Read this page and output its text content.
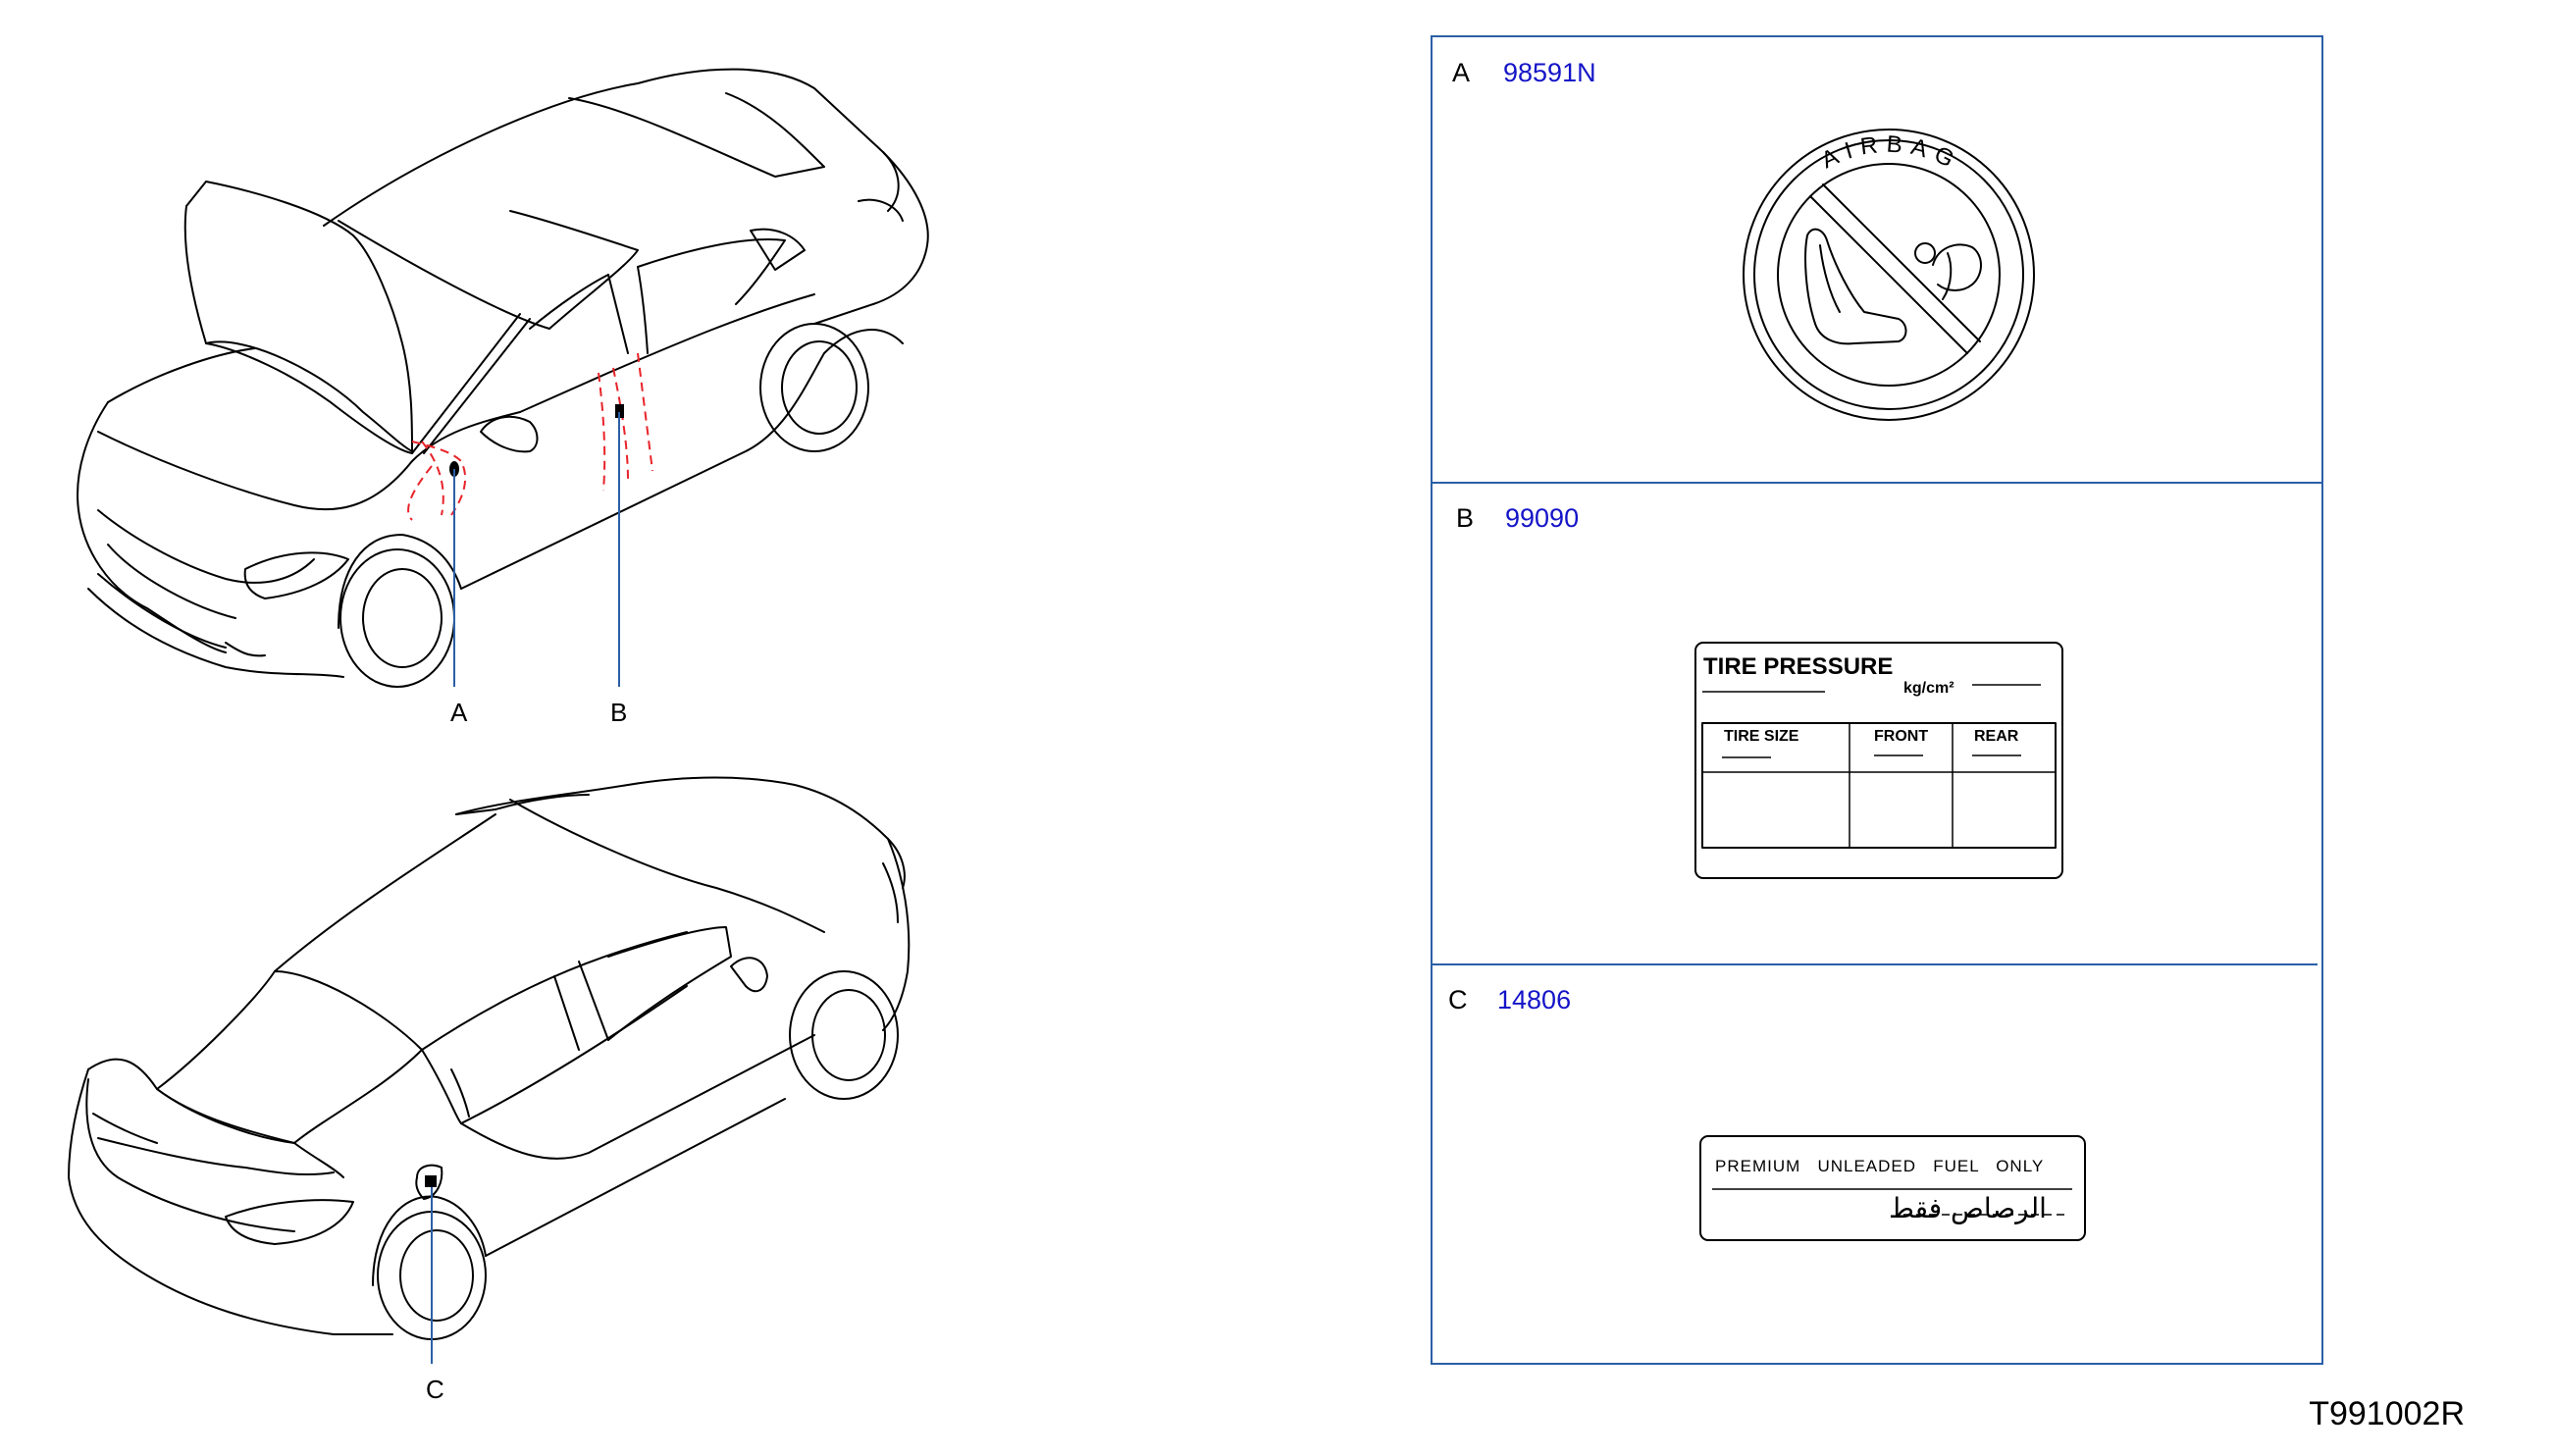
A	B
C
A 98591N
AIRBAG
B 99090
TIRE PRESSURE
kg/cm²
TIRE SIZE	FRONT	REAR
C 14806
PREMIUM   UNLEADED   FUEL   ONLY
الرصاص فقط
T991002R
